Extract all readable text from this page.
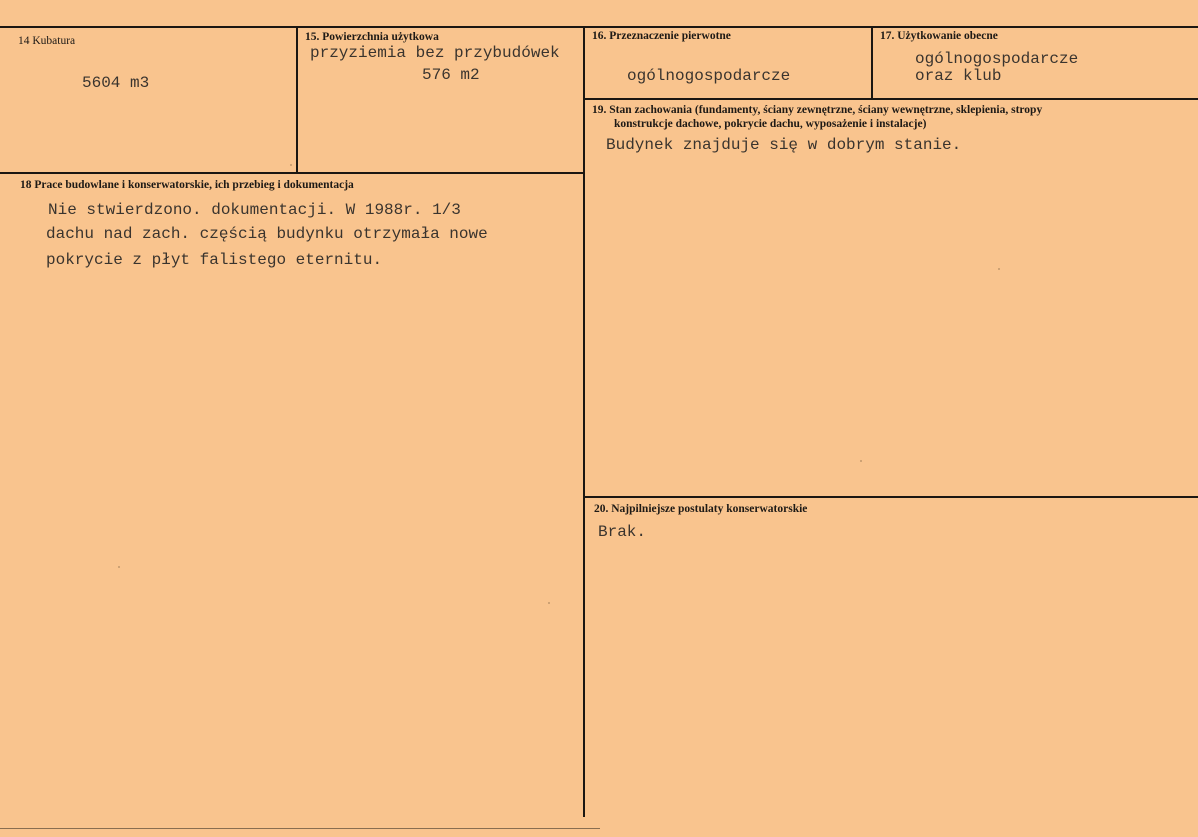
14 Kubatura
5604 m3
15. Powierzchnia użytkowa
przyziemia bez przybudówek
576 m2
16. Przeznaczenie pierwotne
ogólnogospodarcze
17. Użytkowanie obecne
ogólnogospodarcze
oraz klub
18 Prace budowlane i konserwatorskie, ich przebieg i dokumentacja
Nie stwierdzono. dokumentacji. W 1988r. 1/3
dachu nad zach. częścią budynku otrzymała nowe
pokrycie z płyt falistego eternitu.
19. Stan zachowania (fundamenty, ściany zewnętrzne, ściany wewnętrzne, sklepienia, stropy
konstrukcje dachowe, pokrycie dachu, wyposażenie i instalacje)
Budynek znajduje się w dobrym stanie.
20. Najpilniejsze postulaty konserwatorskie
Brak.
